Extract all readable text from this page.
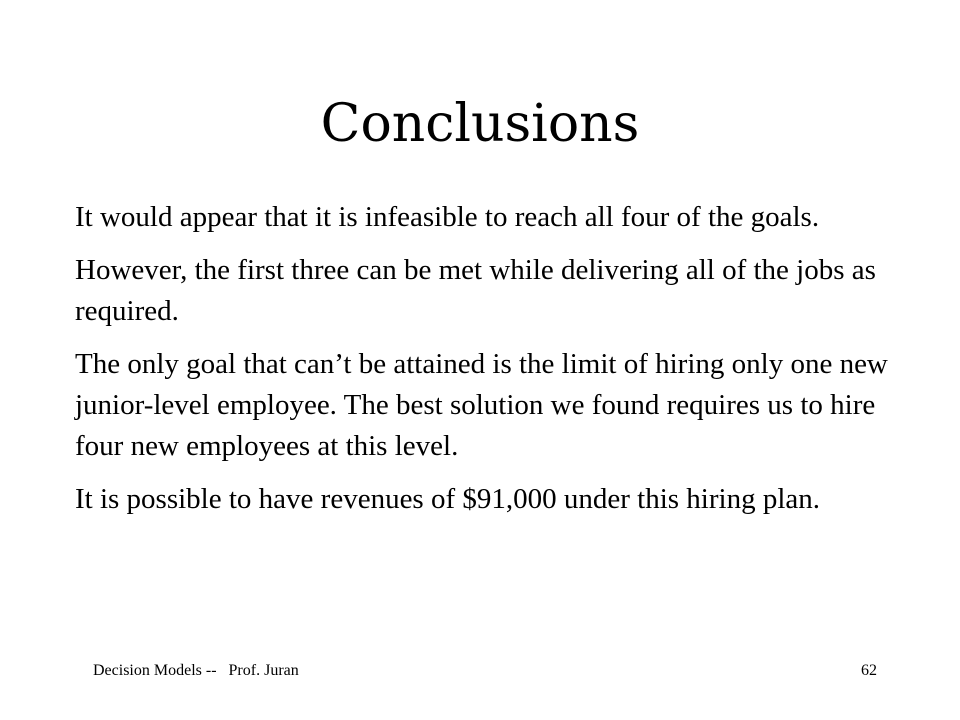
Conclusions

It would appear that it is infeasible to reach all four of the goals.

However, the first three can be met while delivering all of the jobs as required.

The only goal that can’t be attained is the limit of hiring only one new junior-level employee. The best solution we found requires us to hire four new employees at this level.

It is possible to have revenues of $91,000 under this hiring plan.

Decision Models --   Prof. Juran	62
